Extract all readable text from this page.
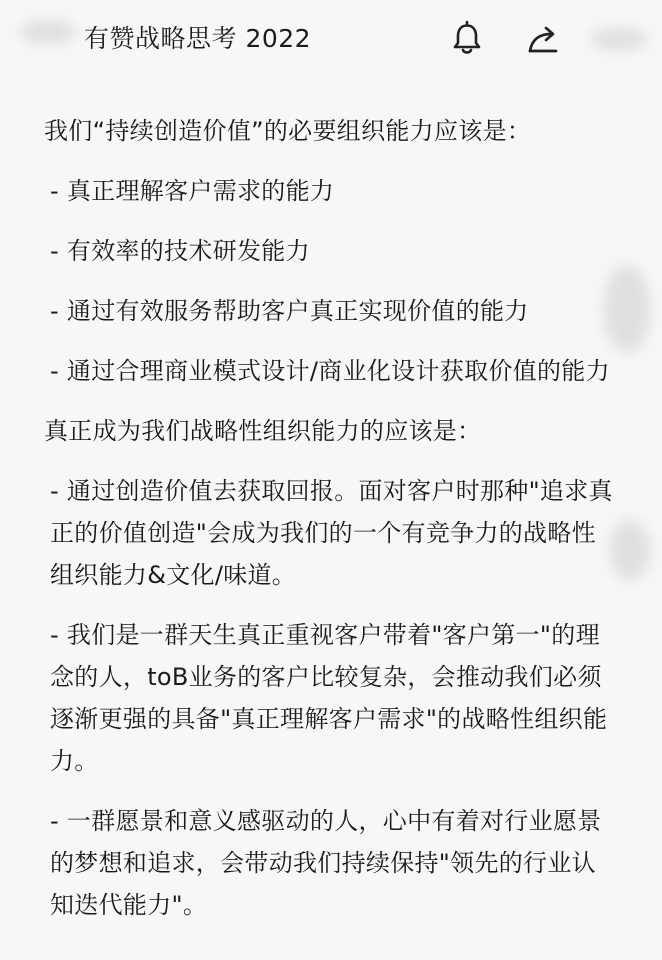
有赞战略思考 2022
我们“持续创造价值”的必要组织能力应该是：
- 真正理解客户需求的能力
- 有效率的技术研发能力
- 通过有效服务帮助客户真正实现价值的能力
- 通过合理商业模式设计/商业化设计获取价值的能力
真正成为我们战略性组织能力的应该是：
- 通过创造价值去获取回报。面对客户时那种"追求真正的价值创造"会成为我们的一个有竞争力的战略性组织能力&文化/味道。
- 我们是一群天生真正重视客户带着"客户第一"的理念的人，toB业务的客户比较复杂，会推动我们必须逐渐更强的具备"真正理解客户需求"的战略性组织能力。
- 一群愿景和意义感驱动的人，心中有着对行业愿景的梦想和追求，会带动我们持续保持"领先的行业认知迭代能力"。
